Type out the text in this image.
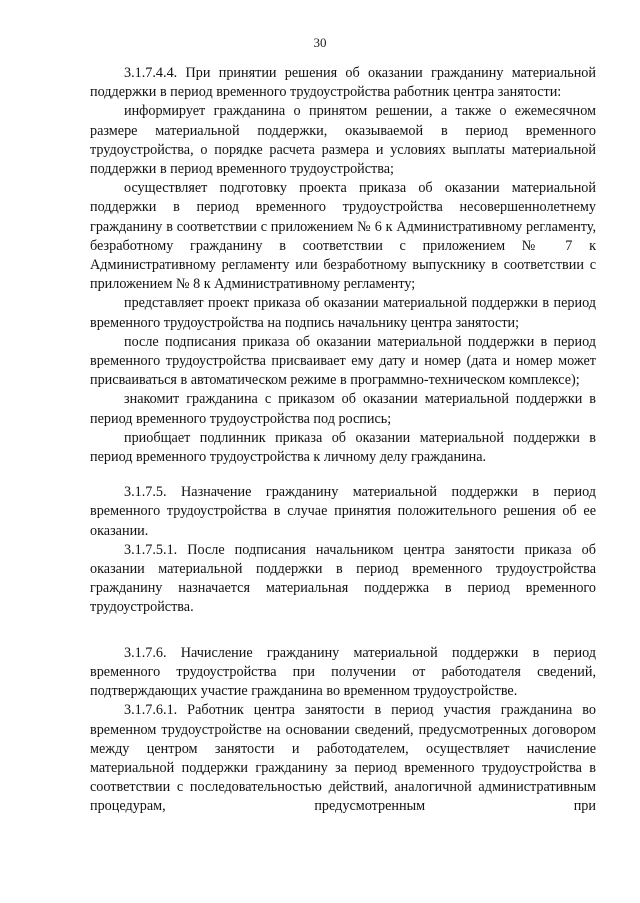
30

3.1.7.4.4. При принятии решения об оказании гражданину материальной поддержки в период временного трудоустройства работник центра занятости:

информирует гражданина о принятом решении, а также о ежемесячном размере материальной поддержки, оказываемой в период временного трудоустройства, о порядке расчета размера и условиях выплаты материальной поддержки в период временного трудоустройства;

осуществляет подготовку проекта приказа об оказании материальной поддержки в период временного трудоустройства несовершеннолетнему гражданину в соответствии с приложением № 6 к Административному регламенту, безработному гражданину в соответствии с приложением № 7 к Административному регламенту или безработному выпускнику в соответствии с приложением № 8 к Административному регламенту;

представляет проект приказа об оказании материальной поддержки в период временного трудоустройства на подпись начальнику центра занятости;

после подписания приказа об оказании материальной поддержки в период временного трудоустройства присваивает ему дату и номер (дата и номер может присваиваться в автоматическом режиме в программно-техническом комплексе);

знакомит гражданина с приказом об оказании материальной поддержки в период временного трудоустройства под роспись;

приобщает подлинник приказа об оказании материальной поддержки в период временного трудоустройства к личному делу гражданина.

3.1.7.5. Назначение гражданину материальной поддержки в период временного трудоустройства в случае принятия положительного решения об ее оказании.

3.1.7.5.1. После подписания начальником центра занятости приказа об оказании материальной поддержки в период временного трудоустройства гражданину назначается материальная поддержка в период временного трудоустройства.

3.1.7.6. Начисление гражданину материальной поддержки в период временного трудоустройства при получении от работодателя сведений, подтверждающих участие гражданина во временном трудоустройстве.

3.1.7.6.1. Работник центра занятости в период участия гражданина во временном трудоустройстве на основании сведений, предусмотренных договором между центром занятости и работодателем, осуществляет начисление материальной поддержки гражданину за период временного трудоустройства в соответствии с последовательностью действий, аналогичной административным процедурам, предусмотренным при
